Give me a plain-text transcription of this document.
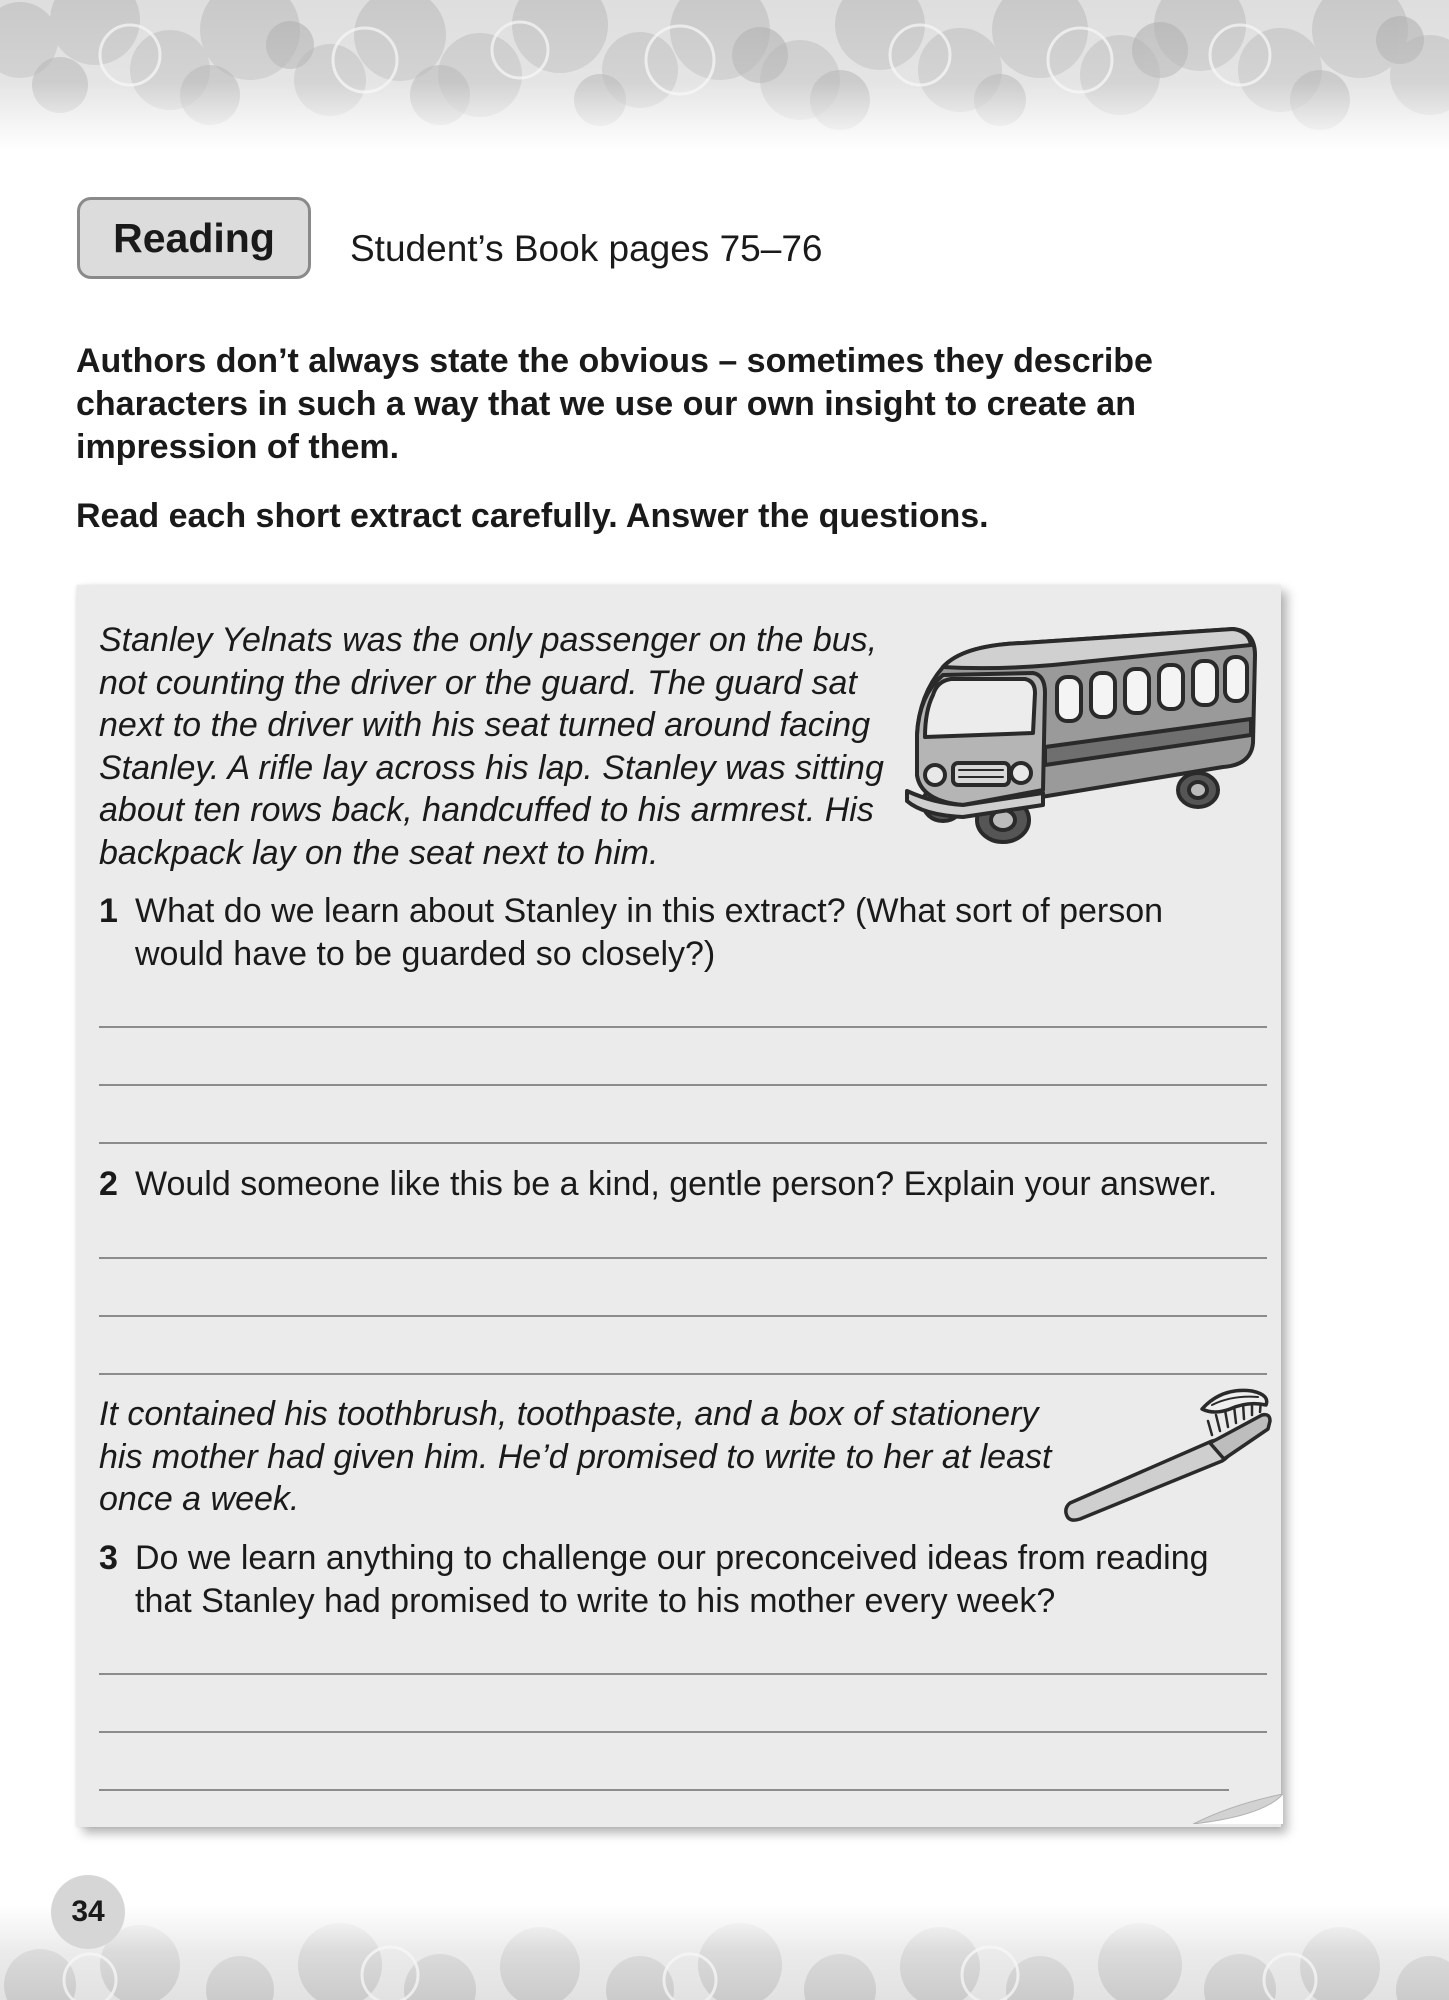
Reading	Student’s Book pages 75–76

Authors don’t always state the obvious – sometimes they describe characters in such a way that we use our own insight to create an impression of them.

Read each short extract carefully. Answer the questions.

Stanley Yelnats was the only passenger on the bus, not counting the driver or the guard. The guard sat next to the driver with his seat turned around facing Stanley. A rifle lay across his lap. Stanley was sitting about ten rows back, handcuffed to his armrest. His backpack lay on the seat next to him.

1 What do we learn about Stanley in this extract? (What sort of person would have to be guarded so closely?)
2 Would someone like this be a kind, gentle person? Explain your answer.

It contained his toothbrush, toothpaste, and a box of stationery his mother had given him. He’d promised to write to her at least once a week.

3 Do we learn anything to challenge our preconceived ideas from reading that Stanley had promised to write to his mother every week?
34
